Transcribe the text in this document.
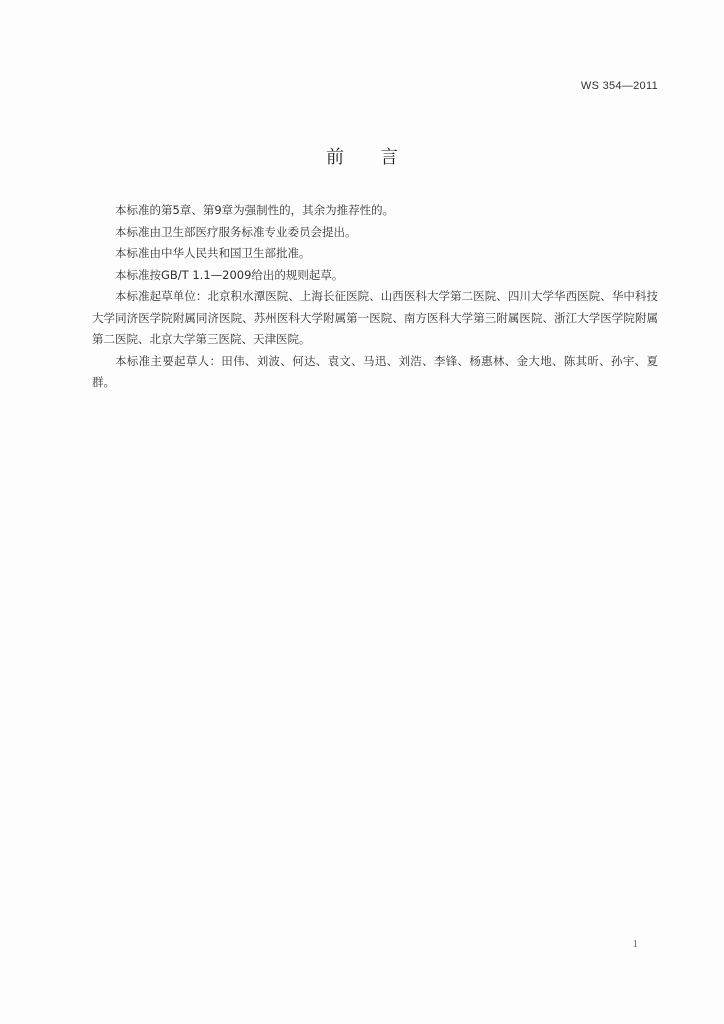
WS 354—2011
前言

本标准的第5章、第9章为强制性的，其余为推荐性的。

本标准由卫生部医疗服务标准专业委员会提出。

本标准由中华人民共和国卫生部批准。

本标准按GB/T 1.1—2009给出的规则起草。

本标准起草单位：北京积水潭医院、上海长征医院、山西医科大学第二医院、四川大学华西医院、华中科技大学同济医学院附属同济医院、苏州医科大学附属第一医院、南方医科大学第三附属医院、浙江大学医学院附属第二医院、北京大学第三医院、天津医院。

本标准主要起草人：田伟、刘波、何达、袁文、马迅、刘浩、李锋、杨惠林、金大地、陈其昕、孙宇、夏群。

1
